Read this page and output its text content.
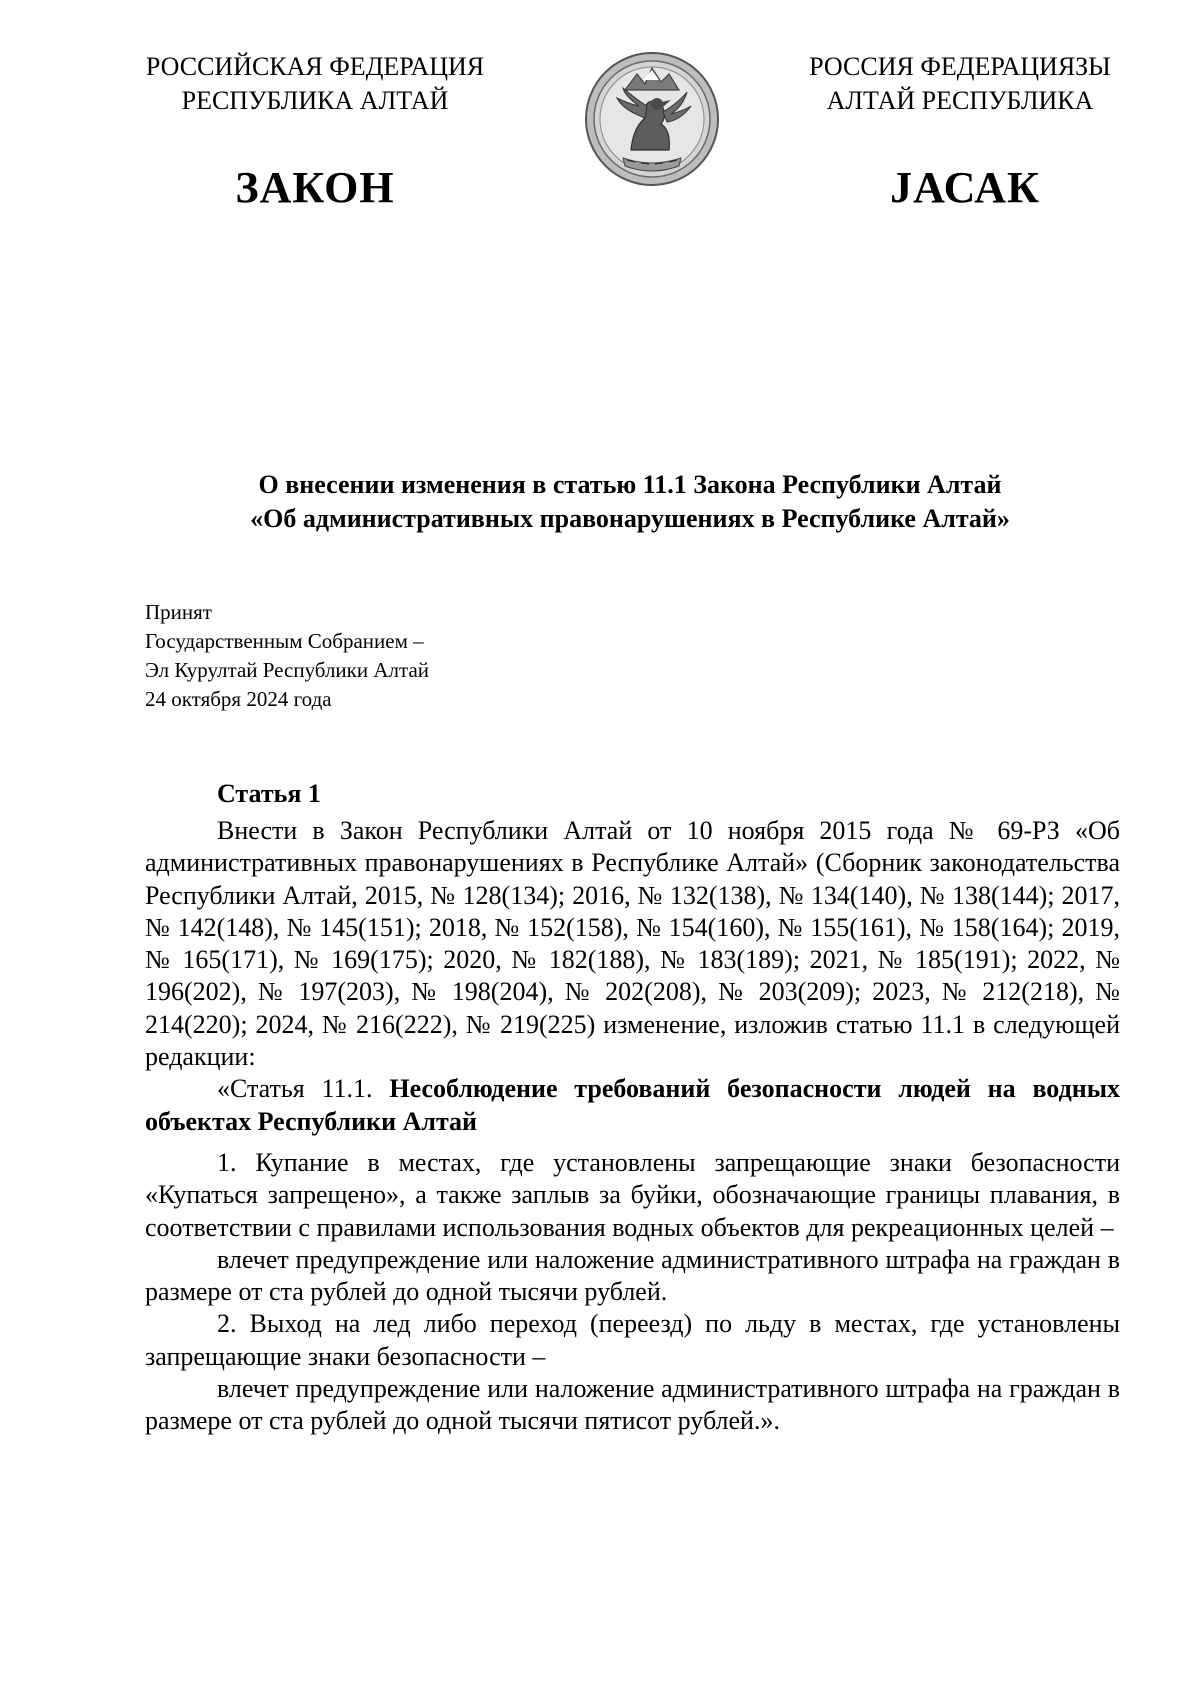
РОССИЙСКАЯ ФЕДЕРАЦИЯ
РЕСПУБЛИКА АЛТАЙ
РОССИЯ ФЕДЕРАЦИЯЗЫ
АЛТАЙ РЕСПУБЛИКА
ЗАКОН	ЈАСАК
О внесении изменения в статью 11.1 Закона Республики Алтай
«Об административных правонарушениях в Республике Алтай»
Принят
Государственным Собранием –
Эл Курултай Республики Алтай
24 октября 2024 года
Статья 1

Внести в Закон Республики Алтай от 10 ноября 2015 года № 69-РЗ «Об административных правонарушениях в Республике Алтай» (Сборник законодательства Республики Алтай, 2015, № 128(134); 2016, № 132(138), № 134(140), № 138(144); 2017, № 142(148), № 145(151); 2018, № 152(158), № 154(160), № 155(161), № 158(164); 2019, № 165(171), № 169(175); 2020, № 182(188), № 183(189); 2021, № 185(191); 2022, № 196(202), № 197(203), № 198(204), № 202(208), № 203(209); 2023, № 212(218), № 214(220); 2024, № 216(222), № 219(225) изменение, изложив статью 11.1 в следующей редакции:

«Статья 11.1. Несоблюдение требований безопасности людей на водных объектах Республики Алтай

1. Купание в местах, где установлены запрещающие знаки безопасности «Купаться запрещено», а также заплыв за буйки, обозначающие границы плавания, в соответствии с правилами использования водных объектов для рекреационных целей –

влечет предупреждение или наложение административного штрафа на граждан в размере от ста рублей до одной тысячи рублей.

2. Выход на лед либо переход (переезд) по льду в местах, где установлены запрещающие знаки безопасности –

влечет предупреждение или наложение административного штрафа на граждан в размере от ста рублей до одной тысячи пятисот рублей.».
